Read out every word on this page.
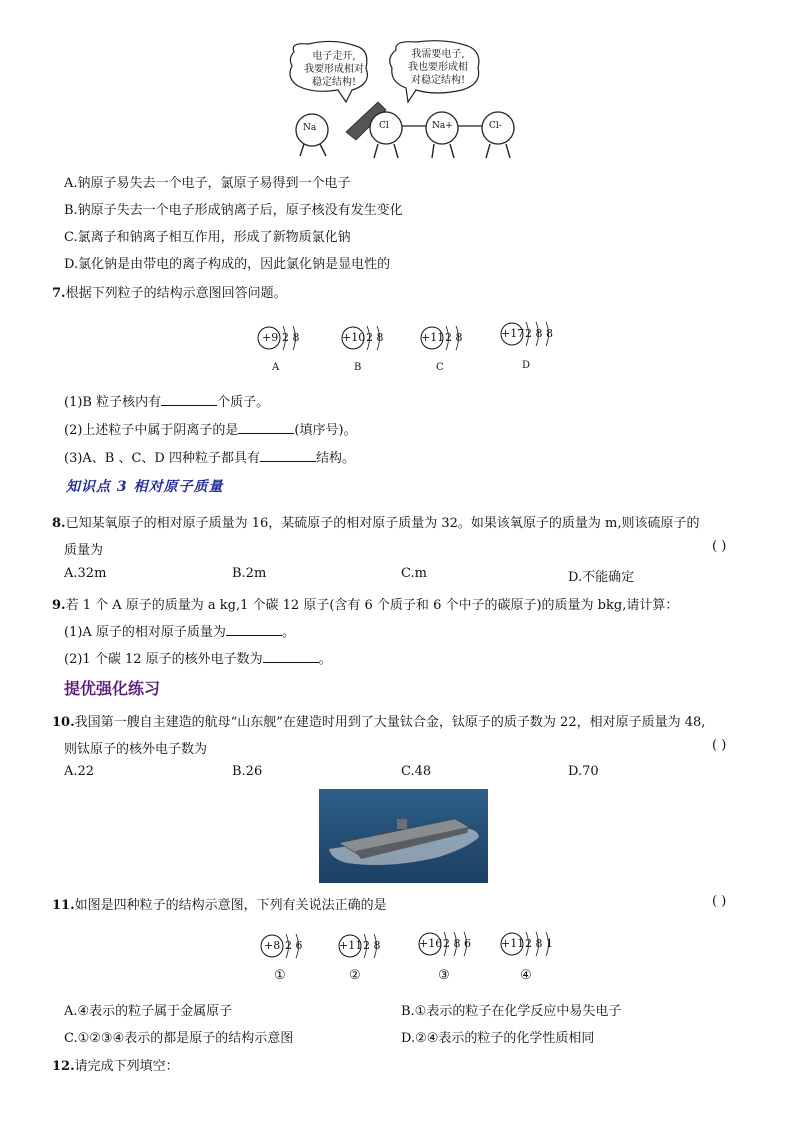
电子走开,
我要形成相对
稳定结构!
我需要电子,
我也要形成相
对稳定结构!
Na	Cl	Na+	Cl-
A.钠原子易失去一个电子，氯原子易得到一个电子
B.钠原子失去一个电子形成钠离子后，原子核没有发生变化
C.氯离子和钠离子相互作用，形成了新物质氯化钠
D.氯化钠是由带电的离子构成的，因此氯化钠是显电性的
7.根据下列粒子的结构示意图回答问题。
+9 2 8	+10 2 8	+11 2 8	+17 2 8 8
A	B	C	D
(1)B 粒子核内有	个质子。
(2)上述粒子中属于阴离子的是	(填序号)。
(3)A、B 、C、D 四种粒子都具有	结构。
知识点 3 相对原子质量
8.已知某氧原子的相对原子质量为 16，某硫原子的相对原子质量为 32。如果该氧原子的质量为 m,则该硫原子的
质量为	( )
A.32m	B.2m	C.m	D.不能确定
9.若 1 个 A 原子的质量为 a kg,1 个碳 12 原子(含有 6 个质子和 6 个中子的碳原子)的质量为 bkg,请计算：
(1)A 原子的相对原子质量为	。
(2)1 个碳 12 原子的核外电子数为	。
提优强化练习
10.我国第一艘自主建造的航母“山东舰”在建造时用到了大量钛合金，钛原子的质子数为 22，相对原子质量为 48,
则钛原子的核外电子数为	( )
A.22	B.26	C.48	D.70
11.如图是四种粒子的结构示意图，下列有关说法正确的是	( )
+8 2 6	+11 2 8	+16 2 8 6	+11 2 8 1
①	②	③	④
A.④表示的粒子属于金属原子	B.①表示的粒子在化学反应中易失电子
C.①②③④表示的都是原子的结构示意图	D.②④表示的粒子的化学性质相同
12.请完成下列填空：
